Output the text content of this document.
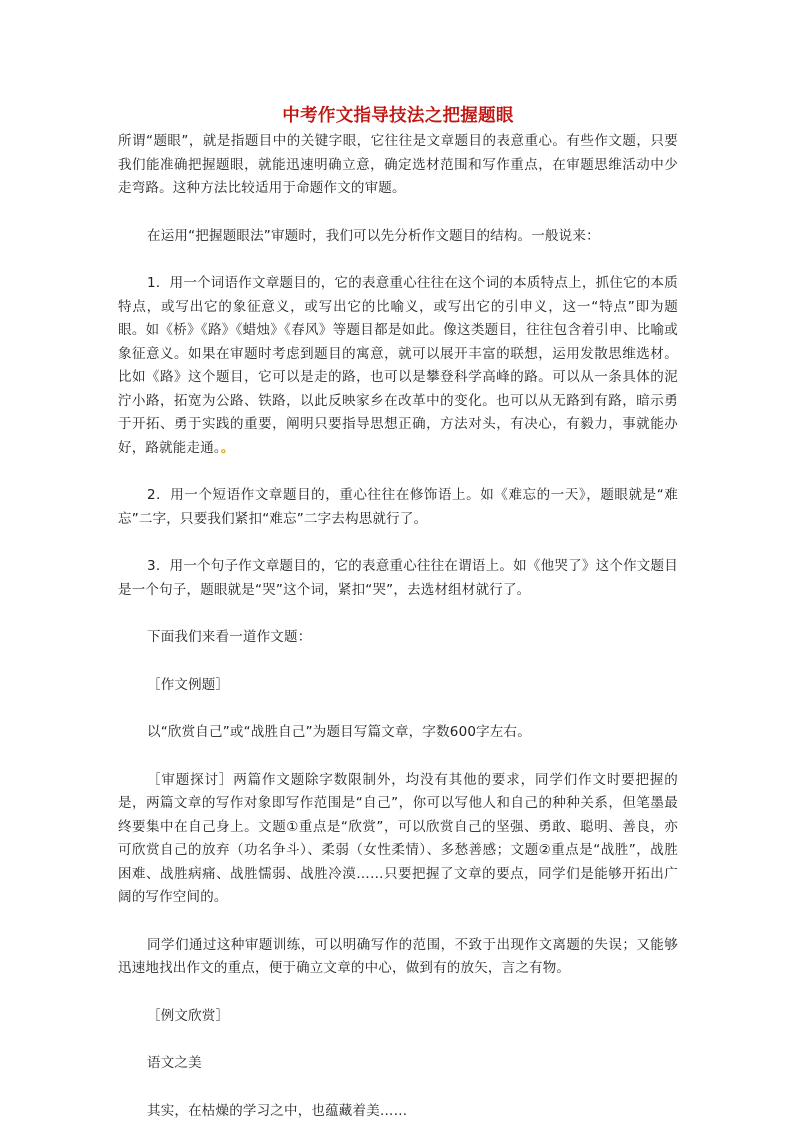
中考作文指导技法之把握题眼

所谓“题眼”，就是指题目中的关键字眼，它往往是文章题目的表意重心。有些作文题，只要我们能准确把握题眼，就能迅速明确立意，确定选材范围和写作重点，在审题思维活动中少走弯路。这种方法比较适用于命题作文的审题。

在运用“把握题眼法”审题时，我们可以先分析作文题目的结构。一般说来：

1．用一个词语作文章题目的，它的表意重心往往在这个词的本质特点上，抓住它的本质特点，或写出它的象征意义，或写出它的比喻义，或写出它的引申义，这一“特点”即为题眼。如《桥》《路》《蜡烛》《春风》等题目都是如此。像这类题目，往往包含着引申、比喻或象征意义。如果在审题时考虑到题目的寓意，就可以展开丰富的联想，运用发散思维选材。比如《路》这个题目，它可以是走的路，也可以是攀登科学高峰的路。可以从一条具体的泥泞小路，拓宽为公路、铁路，以此反映家乡在改革中的变化。也可以从无路到有路，暗示勇于开拓、勇于实践的重要，阐明只要指导思想正确，方法对头，有决心，有毅力，事就能办好，路就能走通。。

2．用一个短语作文章题目的，重心往往在修饰语上。如《难忘的一天》，题眼就是“难忘”二字，只要我们紧扣“难忘”二字去构思就行了。

3．用一个句子作文章题目的，它的表意重心往往在谓语上。如《他哭了》这个作文题目是一个句子，题眼就是“哭”这个词，紧扣“哭”，去选材组材就行了。

下面我们来看一道作文题：

［作文例题］

以“欣赏自己”或“战胜自己”为题目写篇文章，字数600字左右。

［审题探讨］两篇作文题除字数限制外，均没有其他的要求，同学们作文时要把握的是，两篇文章的写作对象即写作范围是“自己”，你可以写他人和自己的种种关系，但笔墨最终要集中在自己身上。文题①重点是“欣赏”，可以欣赏自己的坚强、勇敢、聪明、善良，亦可欣赏自己的放弃（功名争斗）、柔弱（女性柔情）、多愁善感；文题②重点是“战胜”，战胜困难、战胜病痛、战胜懦弱、战胜冷漠……只要把握了文章的要点，同学们是能够开拓出广阔的写作空间的。

同学们通过这种审题训练，可以明确写作的范围，不致于出现作文离题的失误；又能够迅速地找出作文的重点，便于确立文章的中心，做到有的放矢，言之有物。

［例文欣赏］

语文之美

其实，在枯燥的学习之中，也蕴藏着美……
